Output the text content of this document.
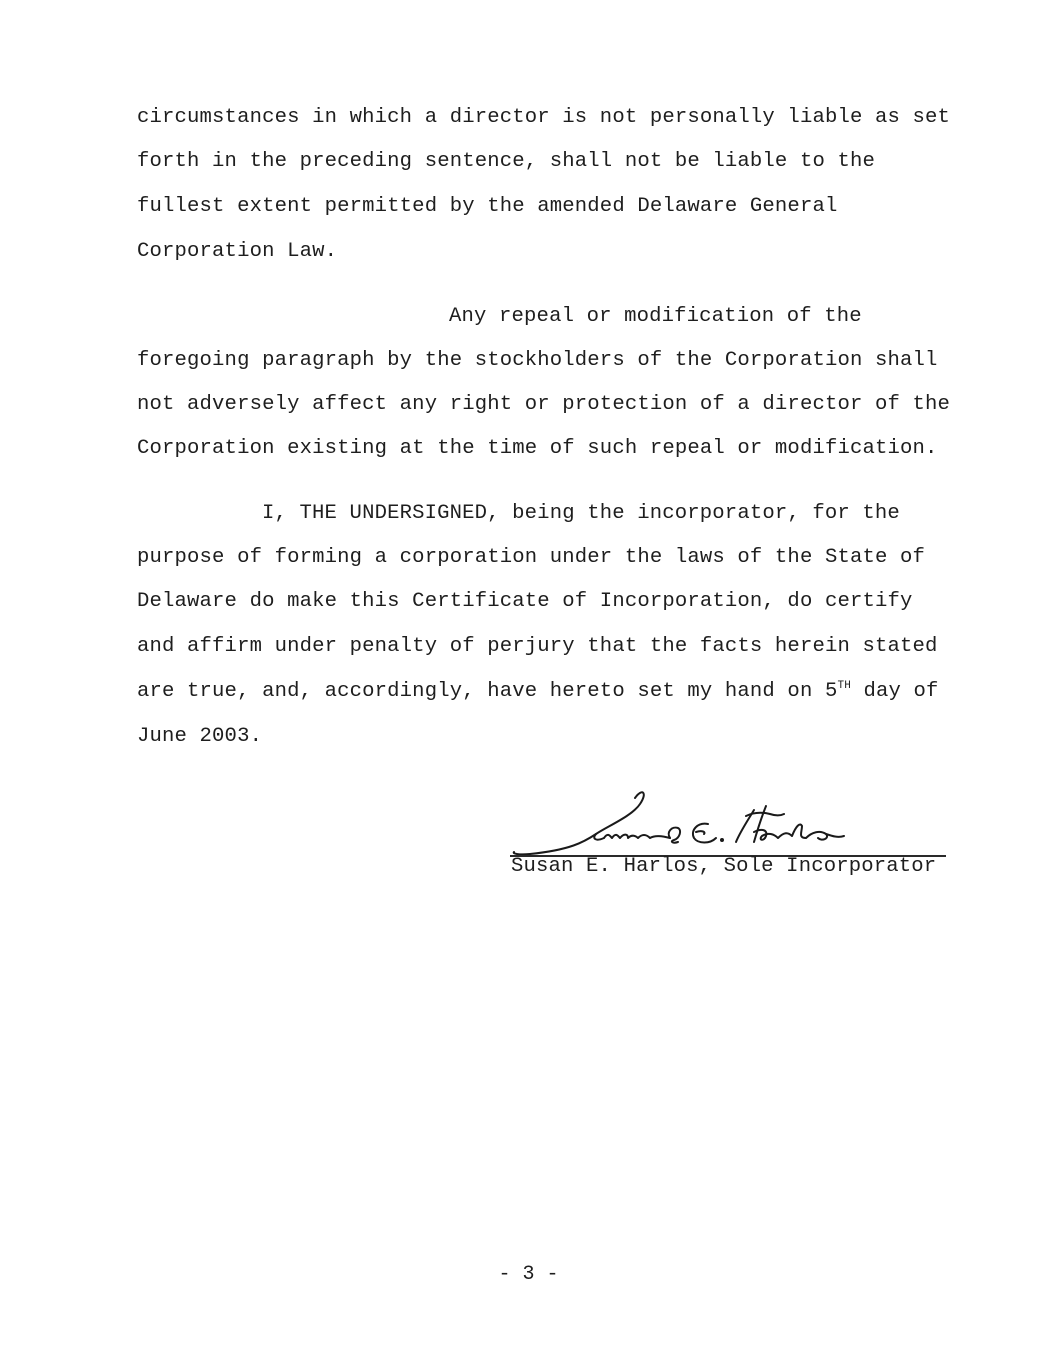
circumstances in which a director is not personally liable as set
forth in the preceding sentence, shall not be liable to the
fullest extent permitted by the amended Delaware General
Corporation Law.
Any repeal or modification of the
foregoing paragraph by the stockholders of the Corporation shall
not adversely affect any right or protection of a director of the
Corporation existing at the time of such repeal or modification.
I, THE UNDERSIGNED, being the incorporator, for the
purpose of forming a corporation under the laws of the State of
Delaware do make this Certificate of Incorporation, do certify
and affirm under penalty of perjury that the facts herein stated
are true, and, accordingly, have hereto set my hand on 5TH day of
June 2003.
Susan E. Harlos, Sole Incorporator
- 3 -
